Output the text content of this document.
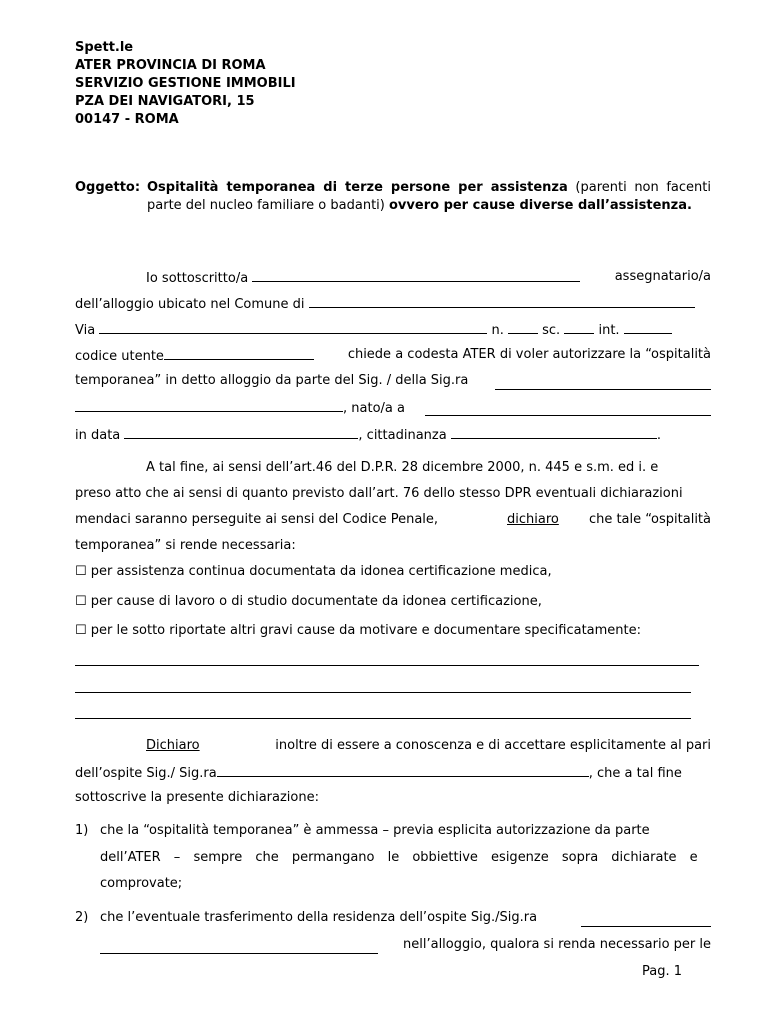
Spett.le
ATER PROVINCIA DI ROMA
SERVIZIO GESTIONE IMMOBILI
PZA DEI NAVIGATORI, 15
00147 - ROMA
Oggetto: Ospitalità temporanea di terze persone per assistenza (parenti non facenti parte del nucleo familiare o badanti) ovvero per cause diverse dall’assistenza.
Io sottoscritto/a	assegnatario/a
dell’alloggio ubicato nel Comune di
Via	n.	sc.	int.
codice utente	chiede a codesta ATER di voler autorizzare la “ospitalità
temporanea” in detto alloggio da parte del Sig. / della Sig.ra
, nato/a a
in data	, cittadinanza	.
A tal fine, ai sensi dell’art.46 del D.P.R. 28 dicembre 2000, n. 445 e s.m. ed i. e
preso atto che ai sensi di quanto previsto dall’art. 76 dello stesso DPR eventuali dichiarazioni
mendaci saranno perseguite ai sensi del Codice Penale,	dichiaro che tale “ospitalità
temporanea” si rende necessaria:
☐ per assistenza continua documentata da idonea certificazione medica,
☐ per cause di lavoro o di studio documentate da idonea certificazione,
☐ per le sotto riportate altri gravi cause da motivare e documentare specificatamente:
Dichiaro	inoltre di essere a conoscenza e di accettare esplicitamente al pari
dell’ospite Sig./ Sig.ra	, che a tal fine
sottoscrive la presente dichiarazione:
1) che la “ospitalità temporanea” è ammessa – previa esplicita autorizzazione da parte
dell’ATER – sempre che permangano le obbiettive esigenze sopra dichiarate e
comprovate;
2) che l’eventuale trasferimento della residenza dell’ospite Sig./Sig.ra
nell’alloggio, qualora si renda necessario per le
Pag. 1
